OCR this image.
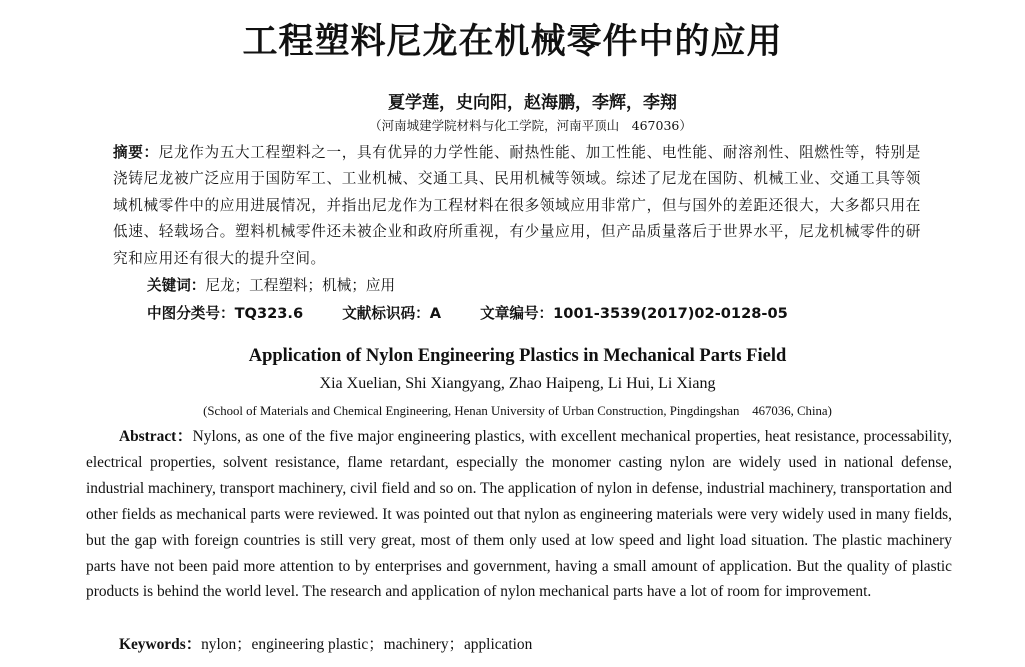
工程塑料尼龙在机械零件中的应用
夏学莲，史向阳，赵海鹏，李辉，李翔
（河南城建学院材料与化工学院，河南平顶山　467036）
摘要：尼龙作为五大工程塑料之一，具有优异的力学性能、耐热性能、加工性能、电性能、耐溶剂性、阻燃性等，特别是浇铸尼龙被广泛应用于国防军工、工业机械、交通工具、民用机械等领域。综述了尼龙在国防、机械工业、交通工具等领域机械零件中的应用进展情况，并指出尼龙作为工程材料在很多领域应用非常广，但与国外的差距还很大，大多都只用在低速、轻载场合。塑料机械零件还未被企业和政府所重视，有少量应用，但产品质量落后于世界水平，尼龙机械零件的研究和应用还有很大的提升空间。
关键词：尼龙；工程塑料；机械；应用
中图分类号：TQ323.6	文献标识码：A	文章编号：1001-3539(2017)02-0128-05
Application of Nylon Engineering Plastics in Mechanical Parts Field
Xia Xuelian, Shi Xiangyang, Zhao Haipeng, Li Hui, Li Xiang
(School of Materials and Chemical Engineering, Henan University of Urban Construction, Pingdingshan　467036, China)
Abstract：Nylons, as one of the five major engineering plastics, with excellent mechanical properties, heat resistance, processability, electrical properties, solvent resistance, flame retardant, especially the monomer casting nylon are widely used in national defense, industrial machinery, transport machinery, civil field and so on. The application of nylon in defense, industrial machinery, transportation and other fields as mechanical parts were reviewed. It was pointed out that nylon as engineering materials were very widely used in many fields, but the gap with foreign countries is still very great, most of them only used at low speed and light load situation. The plastic machinery parts have not been paid more attention to by enterprises and government, having a small amount of application. But the quality of plastic products is behind the world level. The research and application of nylon mechanical parts have a lot of room for improvement.
Keywords：nylon；engineering plastic；machinery；application
